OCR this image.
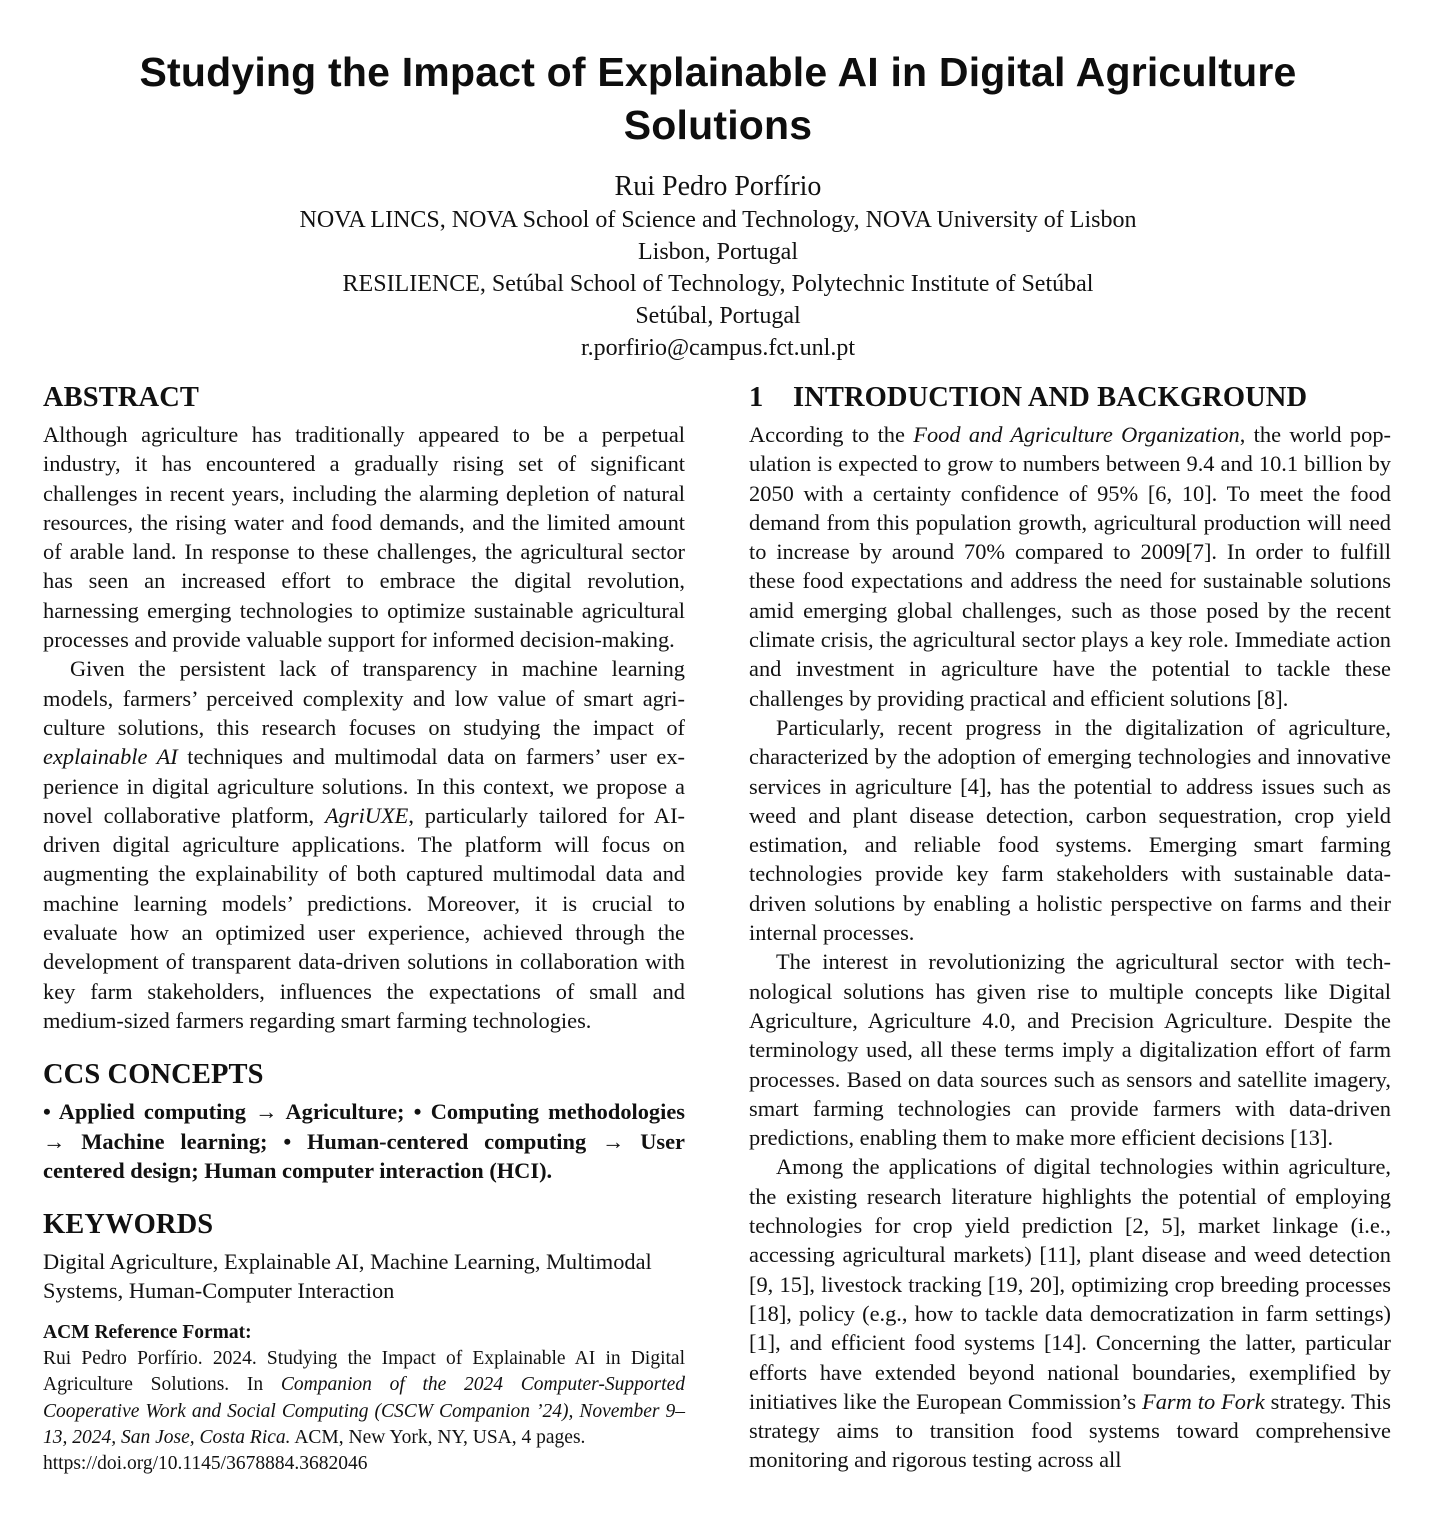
Studying the Impact of Explainable AI in Digital Agriculture
Solutions
Rui Pedro Porfírio
NOVA LINCS, NOVA School of Science and Technology, NOVA University of Lisbon
Lisbon, Portugal
RESILIENCE, Setúbal School of Technology, Polytechnic Institute of Setúbal
Setúbal, Portugal
r.porfirio@campus.fct.unl.pt
ABSTRACT

Although agriculture has traditionally appeared to be a perpetual industry, it has encountered a gradually rising set of significant challenges in recent years, including the alarming depletion of natural resources, the rising water and food demands, and the limited amount of arable land. In response to these challenges, the agricultural sector has seen an increased effort to embrace the digital revolution, harnessing emerging technologies to optimize sustainable agricultural processes and provide valuable support for informed decision-making.

Given the persistent lack of transparency in machine learning models, farmers’ perceived complexity and low value of smart agriculture solutions, this research focuses on studying the impact of explainable AI techniques and multimodal data on farmers’ user experience in digital agriculture solutions. In this context, we propose a novel collaborative platform, AgriUXE, particularly tailored for AI-driven digital agriculture applications. The platform will focus on augmenting the explainability of both captured multimodal data and machine learning models’ predictions. Moreover, it is crucial to evaluate how an optimized user experience, achieved through the development of transparent data-driven solutions in collaboration with key farm stakeholders, influences the expectations of small and medium-sized farmers regarding smart farming technologies.

CCS CONCEPTS

• Applied computing → Agriculture; • Computing methodologies → Machine learning; • Human-centered computing → User centered design; Human computer interaction (HCI).

KEYWORDS

Digital Agriculture, Explainable AI, Machine Learning, Multimodal Systems, Human-Computer Interaction

ACM Reference Format:

Rui Pedro Porfírio. 2024. Studying the Impact of Explainable AI in Digital Agriculture Solutions. In Companion of the 2024 Computer-Supported Cooperative Work and Social Computing (CSCW Companion ’24), November 9–13, 2024, San Jose, Costa Rica. ACM, New York, NY, USA, 4 pages.
https://doi.org/10.1145/3678884.3682046

1 INTRODUCTION AND BACKGROUND

According to the Food and Agriculture Organization, the world population is expected to grow to numbers between 9.4 and 10.1 billion by 2050 with a certainty confidence of 95% [6, 10]. To meet the food demand from this population growth, agricultural production will need to increase by around 70% compared to 2009[7]. In order to fulfill these food expectations and address the need for sustainable solutions amid emerging global challenges, such as those posed by the recent climate crisis, the agricultural sector plays a key role. Immediate action and investment in agriculture have the potential to tackle these challenges by providing practical and efficient solutions [8].

Particularly, recent progress in the digitalization of agriculture, characterized by the adoption of emerging technologies and innovative services in agriculture [4], has the potential to address issues such as weed and plant disease detection, carbon sequestration, crop yield estimation, and reliable food systems. Emerging smart farming technologies provide key farm stakeholders with sustainable data-driven solutions by enabling a holistic perspective on farms and their internal processes.

The interest in revolutionizing the agricultural sector with technological solutions has given rise to multiple concepts like Digital Agriculture, Agriculture 4.0, and Precision Agriculture. Despite the terminology used, all these terms imply a digitalization effort of farm processes. Based on data sources such as sensors and satellite imagery, smart farming technologies can provide farmers with data-driven predictions, enabling them to make more efficient decisions [13].

Among the applications of digital technologies within agriculture, the existing research literature highlights the potential of employing technologies for crop yield prediction [2, 5], market linkage (i.e., accessing agricultural markets) [11], plant disease and weed detection [9, 15], livestock tracking [19, 20], optimizing crop breeding processes [18], policy (e.g., how to tackle data democratization in farm settings) [1], and efficient food systems [14]. Concerning the latter, particular efforts have extended beyond national boundaries, exemplified by initiatives like the European Commission’s Farm to Fork strategy. This strategy aims to transition food systems toward comprehensive monitoring and rigorous testing across all
